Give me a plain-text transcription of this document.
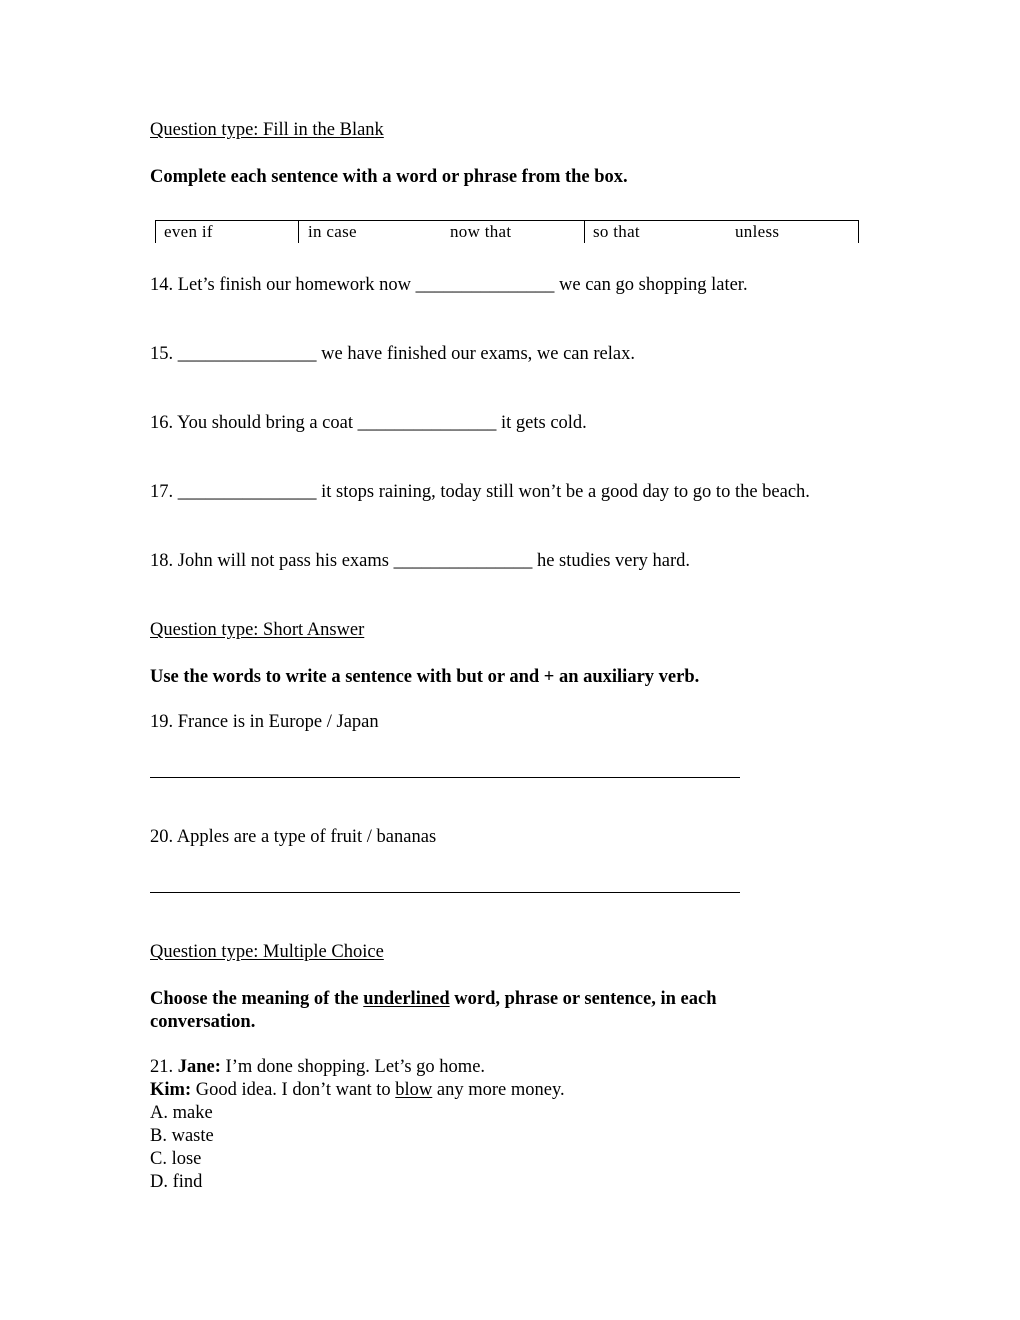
Question type: Fill in the Blank
Complete each sentence with a word or phrase from the box.
even if	in case	now that	so that	unless
14. Let’s finish our homework now _______________ we can go shopping later.
15. _______________ we have finished our exams, we can relax.
16. You should bring a coat _______________ it gets cold.
17. _______________ it stops raining, today still won’t be a good day to go to the beach.
18. John will not pass his exams _______________ he studies very hard.
Question type: Short Answer
Use the words to write a sentence with but or and + an auxiliary verb.
19. France is in Europe / Japan
20. Apples are a type of fruit / bananas
Question type: Multiple Choice
Choose the meaning of the underlined word, phrase or sentence, in each
conversation.
21. Jane: I’m done shopping. Let’s go home.
Kim: Good idea. I don’t want to blow any more money.
A. make
B. waste
C. lose
D. find
